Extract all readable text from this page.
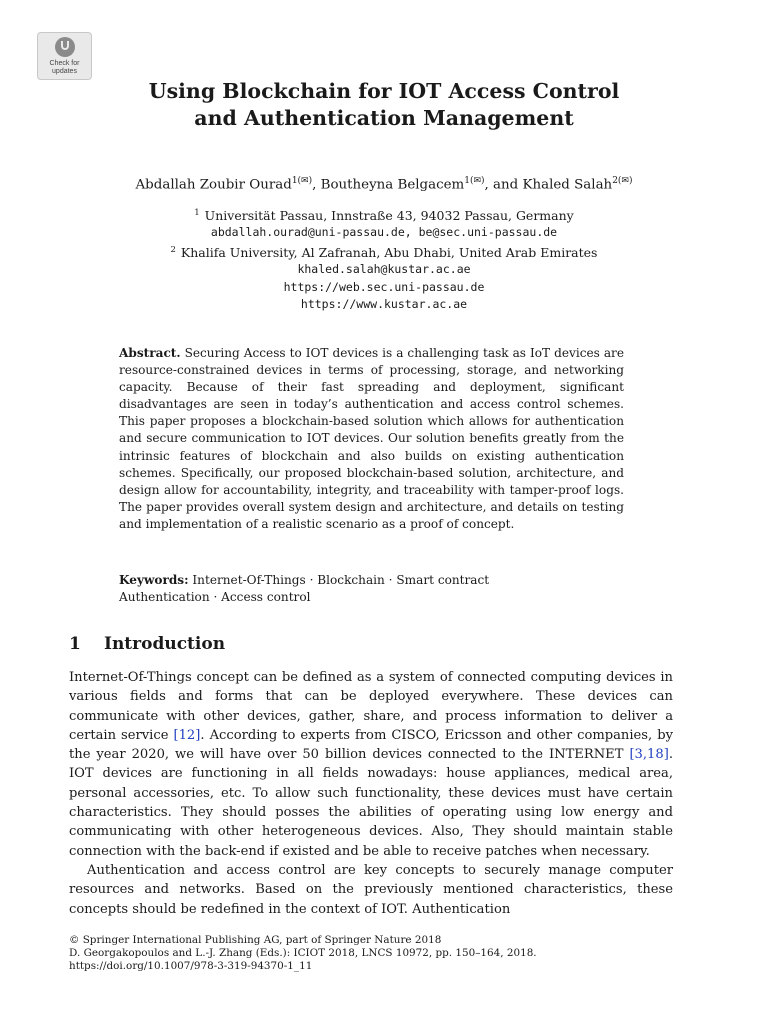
Check for
updates
Using Blockchain for IOT Access Control
and Authentication Management
Abdallah Zoubir Ourad$^{1(✉)}$, Boutheyna Belgacem$^{1(✉)}$, and Khaled Salah$^{2(✉)}$
$^1$ Universität Passau, Innstraße 43, 94032 Passau, Germany
abdallah.ourad@uni-passau.de, be@sec.uni-passau.de
$^2$ Khalifa University, Al Zafranah, Abu Dhabi, United Arab Emirates
khaled.salah@kustar.ac.ae
https://web.sec.uni-passau.de
https://www.kustar.ac.ae
Abstract. Securing Access to IOT devices is a challenging task as IoT devices are resource-constrained devices in terms of processing, storage, and networking capacity. Because of their fast spreading and deployment, significant disadvantages are seen in today’s authentication and access control schemes. This paper proposes a blockchain-based solution which allows for authentication and secure communication to IOT devices. Our solution benefits greatly from the intrinsic features of blockchain and also builds on existing authentication schemes. Specifically, our proposed blockchain-based solution, architecture, and design allow for accountability, integrity, and traceability with tamper-proof logs. The paper provides overall system design and architecture, and details on testing and implementation of a realistic scenario as a proof of concept.
Keywords: Internet-Of-Things · Blockchain · Smart contract
Authentication · Access control
1 Introduction

Internet-Of-Things concept can be defined as a system of connected computing devices in various fields and forms that can be deployed everywhere. These devices can communicate with other devices, gather, share, and process information to deliver a certain service [12]. According to experts from CISCO, Ericsson and other companies, by the year 2020, we will have over 50 billion devices connected to the INTERNET [3,18]. IOT devices are functioning in all fields nowadays: house appliances, medical area, personal accessories, etc. To allow such functionality, these devices must have certain characteristics. They should posses the abilities of operating using low energy and communicating with other heterogeneous devices. Also, They should maintain stable connection with the back-end if existed and be able to receive patches when necessary.

Authentication and access control are key concepts to securely manage computer resources and networks. Based on the previously mentioned characteristics, these concepts should be redefined in the context of IOT. Authentication

© Springer International Publishing AG, part of Springer Nature 2018
D. Georgakopoulos and L.-J. Zhang (Eds.): ICIOT 2018, LNCS 10972, pp. 150–164, 2018.
https://doi.org/10.1007/978-3-319-94370-1_11
